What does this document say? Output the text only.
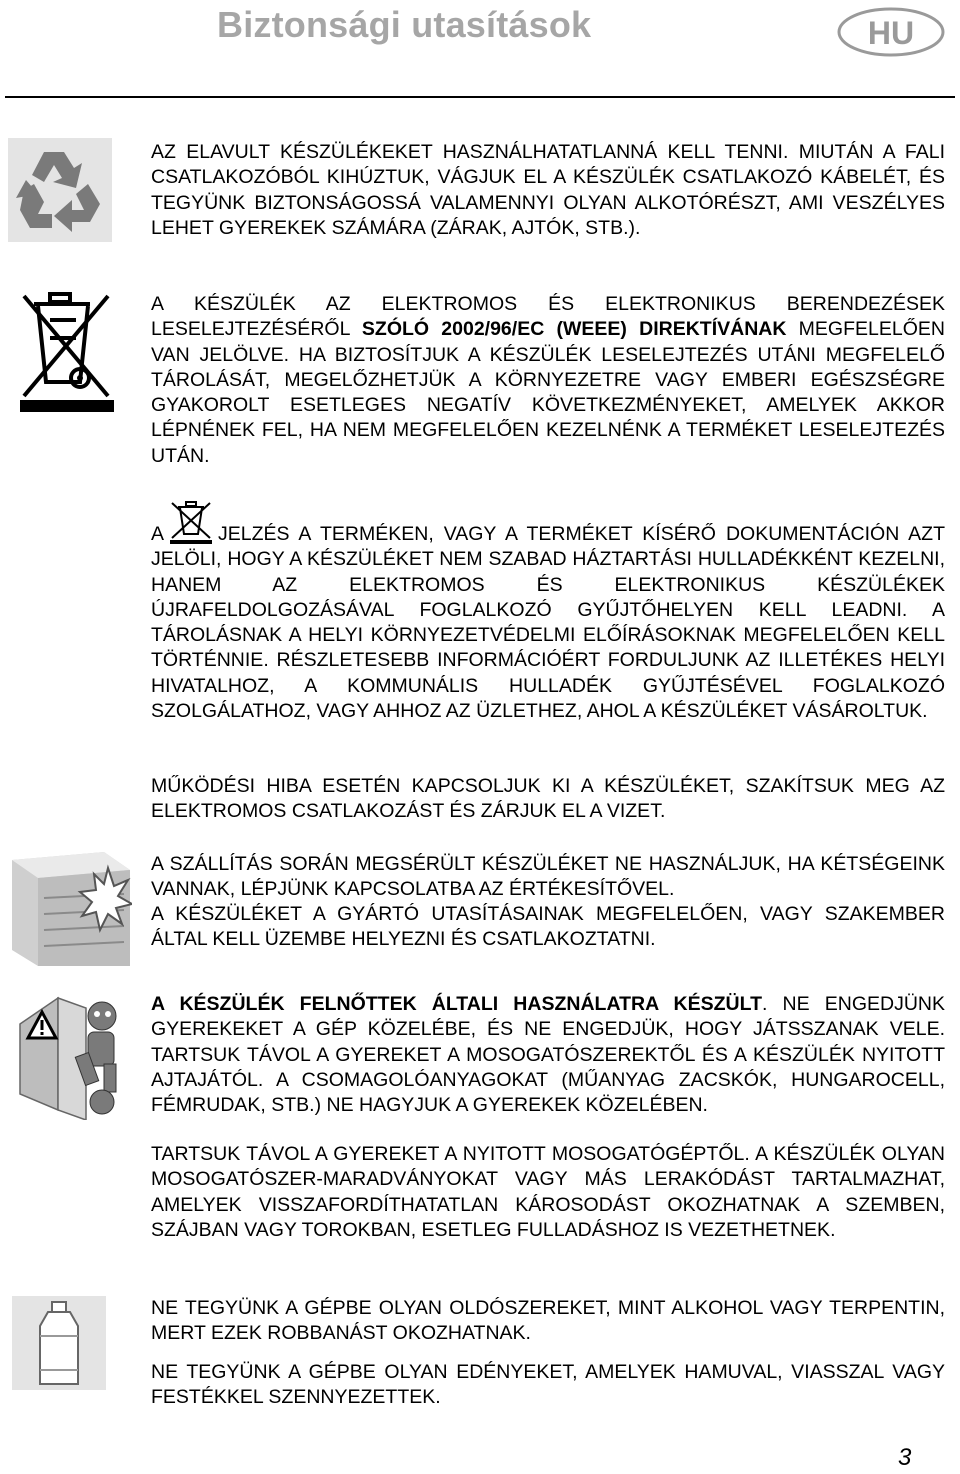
Biztonsági utasítások	HU
AZ ELAVULT KÉSZÜLÉKEKET HASZNÁLHATATLANNÁ KELL TENNI. MIUTÁN A FALI CSATLAKOZÓBÓL KIHÚZTUK, VÁGJUK EL A KÉSZÜLÉK CSATLAKOZÓ KÁBELÉT, ÉS TEGYÜNK BIZTONSÁGOSSÁ VALAMENNYI OLYAN ALKOTÓRÉSZT, AMI VESZÉLYES LEHET GYEREKEK SZÁMÁRA (ZÁRAK, AJTÓK, STB.).
A KÉSZÜLÉK AZ ELEKTROMOS ÉS ELEKTRONIKUS BERENDEZÉSEK LESELEJTEZÉSÉRŐL SZÓLÓ 2002/96/EC (WEEE) DIREKTÍVÁNAK MEGFELELŐEN VAN JELÖLVE. HA BIZTOSÍTJUK A KÉSZÜLÉK LESELEJTEZÉS UTÁNI MEGFELELŐ TÁROLÁSÁT, MEGELŐZHETJÜK A KÖRNYEZETRE VAGY EMBERI EGÉSZSÉGRE GYAKOROLT ESETLEGES NEGATÍV KÖVETKEZMÉNYEKET, AMELYEK AKKOR LÉPNÉNEK FEL, HA NEM MEGFELELŐEN KEZELNÉNK A TERMÉKET LESELEJTEZÉS UTÁN.
A	JELZÉS A TERMÉKEN, VAGY A TERMÉKET KÍSÉRŐ DOKUMENTÁCIÓN AZT JELÖLI, HOGY A KÉSZÜLÉKET NEM SZABAD HÁZTARTÁSI HULLADÉKKÉNT KEZELNI, HANEM AZ ELEKTROMOS ÉS ELEKTRONIKUS KÉSZÜLÉKEK ÚJRAFELDOLGOZÁSÁVAL FOGLALKOZÓ GYŰJTŐHELYEN KELL LEADNI. A TÁROLÁSNAK A HELYI KÖRNYEZETVÉDELMI ELŐÍRÁSOKNAK MEGFELELŐEN KELL TÖRTÉNNIE. RÉSZLETESEBB INFORMÁCIÓÉRT FORDULJUNK AZ ILLETÉKES HELYI HIVATALHOZ, A KOMMUNÁLIS HULLADÉK GYŰJTÉSÉVEL FOGLALKOZÓ SZOLGÁLATHOZ, VAGY AHHOZ AZ ÜZLETHEZ, AHOL A KÉSZÜLÉKET VÁSÁROLTUK.
MŰKÖDÉSI HIBA ESETÉN KAPCSOLJUK KI A KÉSZÜLÉKET, SZAKÍTSUK MEG AZ ELEKTROMOS CSATLAKOZÁST ÉS ZÁRJUK EL A VIZET.
A SZÁLLÍTÁS SORÁN MEGSÉRÜLT KÉSZÜLÉKET NE HASZNÁLJUK, HA KÉTSÉGEINK VANNAK, LÉPJÜNK KAPCSOLATBA AZ ÉRTÉKESÍTŐVEL.
A KÉSZÜLÉKET A GYÁRTÓ UTASÍTÁSAINAK MEGFELELŐEN, VAGY SZAKEMBER ÁLTAL KELL ÜZEMBE HELYEZNI ÉS CSATLAKOZTATNI.
A KÉSZÜLÉK FELNŐTTEK ÁLTALI HASZNÁLATRA KÉSZÜLT. NE ENGEDJÜNK GYEREKEKET A GÉP KÖZELÉBE, ÉS NE ENGEDJÜK, HOGY JÁTSSZANAK VELE. TARTSUK TÁVOL A GYEREKET A MOSOGATÓSZEREKTŐL ÉS A KÉSZÜLÉK NYITOTT AJTAJÁTÓL. A CSOMAGOLÓANYAGOKAT (MŰANYAG ZACSKÓK, HUNGAROCELL, FÉMRUDAK, STB.) NE HAGYJUK A GYEREKEK KÖZELÉBEN.
TARTSUK TÁVOL A GYEREKET A NYITOTT MOSOGATÓGÉPTŐL. A KÉSZÜLÉK OLYAN MOSOGATÓSZER-MARADVÁNYOKAT VAGY MÁS LERAKÓDÁST TARTALMAZHAT, AMELYEK VISSZAFORDÍTHATATLAN KÁROSODÁST OKOZHATNAK A SZEMBEN, SZÁJBAN VAGY TOROKBAN, ESETLEG FULLADÁSHOZ IS VEZETHETNEK.
NE TEGYÜNK A GÉPBE OLYAN OLDÓSZEREKET, MINT ALKOHOL VAGY TERPENTIN, MERT EZEK ROBBANÁST OKOZHATNAK.
NE TEGYÜNK A GÉPBE OLYAN EDÉNYEKET, AMELYEK HAMUVAL, VIASSZAL VAGY FESTÉKKEL SZENNYEZETTEK.
3
